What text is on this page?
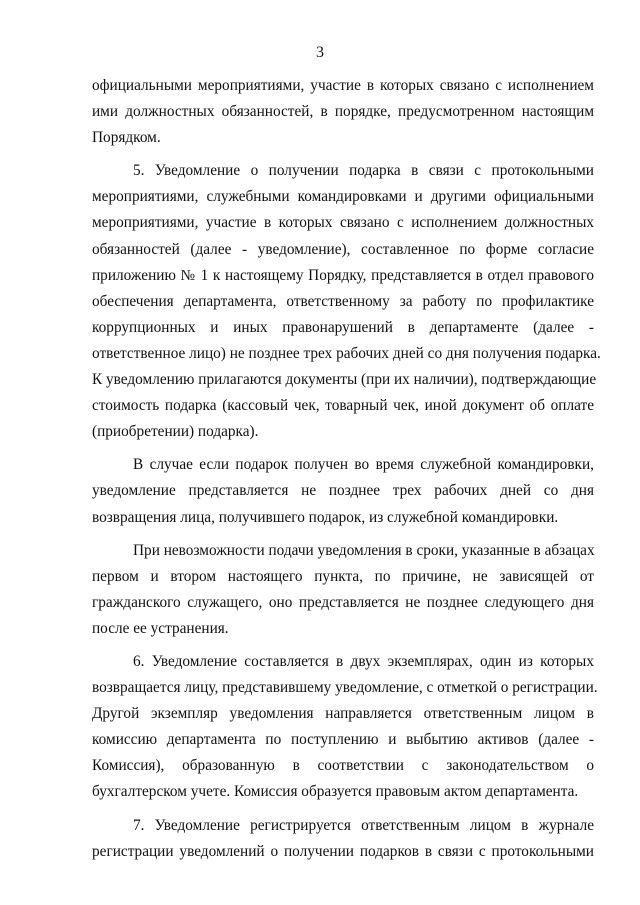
3
официальными мероприятиями, участие в которых связано с исполнением
ими должностных обязанностей, в порядке, предусмотренном настоящим
Порядком.
5. Уведомление о получении подарка в связи с протокольными
мероприятиями, служебными командировками и другими официальными
мероприятиями, участие в которых связано с исполнением должностных
обязанностей (далее - уведомление), составленное по форме согласие
приложению № 1 к настоящему Порядку, представляется в отдел правового
обеспечения департамента, ответственному за работу по профилактике
коррупционных и иных правонарушений в департаменте (далее -
ответственное лицо) не позднее трех рабочих дней со дня получения подарка.
К уведомлению прилагаются документы (при их наличии), подтверждающие
стоимость подарка (кассовый чек, товарный чек, иной документ об оплате
(приобретении) подарка).
В случае если подарок получен во время служебной командировки,
уведомление представляется не позднее трех рабочих дней со дня
возвращения лица, получившего подарок, из служебной командировки.
При невозможности подачи уведомления в сроки, указанные в абзацах
первом и втором настоящего пункта, по причине, не зависящей от
гражданского служащего, оно представляется не позднее следующего дня
после ее устранения.
6. Уведомление составляется в двух экземплярах, один из которых
возвращается лицу, представившему уведомление, с отметкой о регистрации.
Другой экземпляр уведомления направляется ответственным лицом в
комиссию департамента по поступлению и выбытию активов (далее -
Комиссия), образованную в соответствии с законодательством о
бухгалтерском учете. Комиссия образуется правовым актом департамента.
7. Уведомление регистрируется ответственным лицом в журнале
регистрации уведомлений о получении подарков в связи с протокольными
